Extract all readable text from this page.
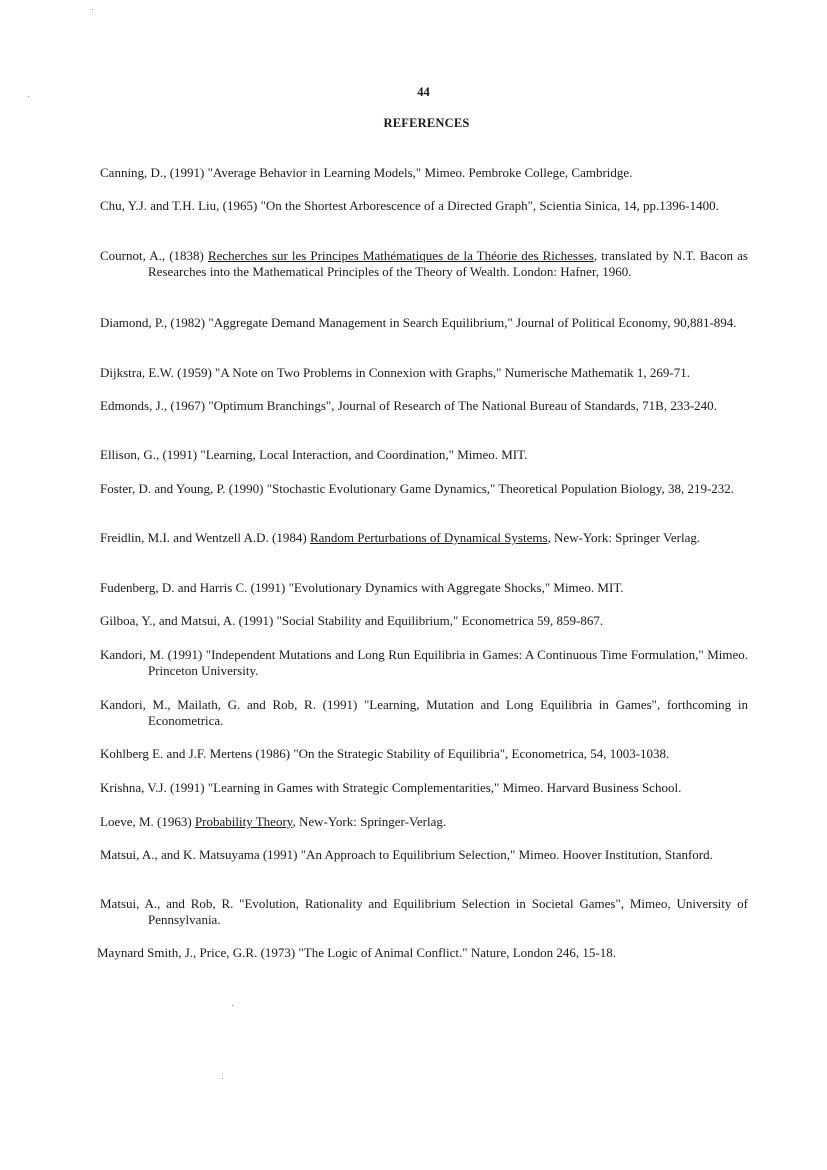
44
REFERENCES
Canning, D., (1991) "Average Behavior in Learning Models," Mimeo. Pembroke College, Cambridge.
Chu, Y.J. and T.H. Liu, (1965) "On the Shortest Arborescence of a Directed Graph", Scientia Sinica, 14, pp.1396-1400.
Cournot, A., (1838) Recherches sur les Principes Mathématiques de la Théorie des Richesses, translated by N.T. Bacon as Researches into the Mathematical Principles of the Theory of Wealth. London: Hafner, 1960.
Diamond, P., (1982) "Aggregate Demand Management in Search Equilibrium," Journal of Political Economy, 90,881-894.
Dijkstra, E.W. (1959) "A Note on Two Problems in Connexion with Graphs," Numerische Mathematik 1, 269-71.
Edmonds, J., (1967) "Optimum Branchings", Journal of Research of The National Bureau of Standards, 71B, 233-240.
Ellison, G., (1991) "Learning, Local Interaction, and Coordination," Mimeo. MIT.
Foster, D. and Young, P. (1990) "Stochastic Evolutionary Game Dynamics," Theoretical Population Biology, 38, 219-232.
Freidlin, M.I. and Wentzell A.D. (1984) Random Perturbations of Dynamical Systems, New-York: Springer Verlag.
Fudenberg, D. and Harris C. (1991) "Evolutionary Dynamics with Aggregate Shocks," Mimeo. MIT.
Gilboa, Y., and Matsui, A. (1991) "Social Stability and Equilibrium," Econometrica 59, 859-867.
Kandori, M. (1991) "Independent Mutations and Long Run Equilibria in Games: A Continuous Time Formulation," Mimeo. Princeton University.
Kandori, M., Mailath, G. and Rob, R. (1991) "Learning, Mutation and Long Equilibria in Games", forthcoming in Econometrica.
Kohlberg E. and J.F. Mertens (1986) "On the Strategic Stability of Equilibria", Econometrica, 54, 1003-1038.
Krishna, V.J. (1991) "Learning in Games with Strategic Complementarities," Mimeo. Harvard Business School.
Loeve, M. (1963) Probability Theory, New-York: Springer-Verlag.
Matsui, A., and K. Matsuyama (1991) "An Approach to Equilibrium Selection," Mimeo. Hoover Institution, Stanford.
Matsui, A., and Rob, R. "Evolution, Rationality and Equilibrium Selection in Societal Games", Mimeo, University of Pennsylvania.
Maynard Smith, J., Price, G.R. (1973) "The Logic of Animal Conflict." Nature, London 246, 15-18.
